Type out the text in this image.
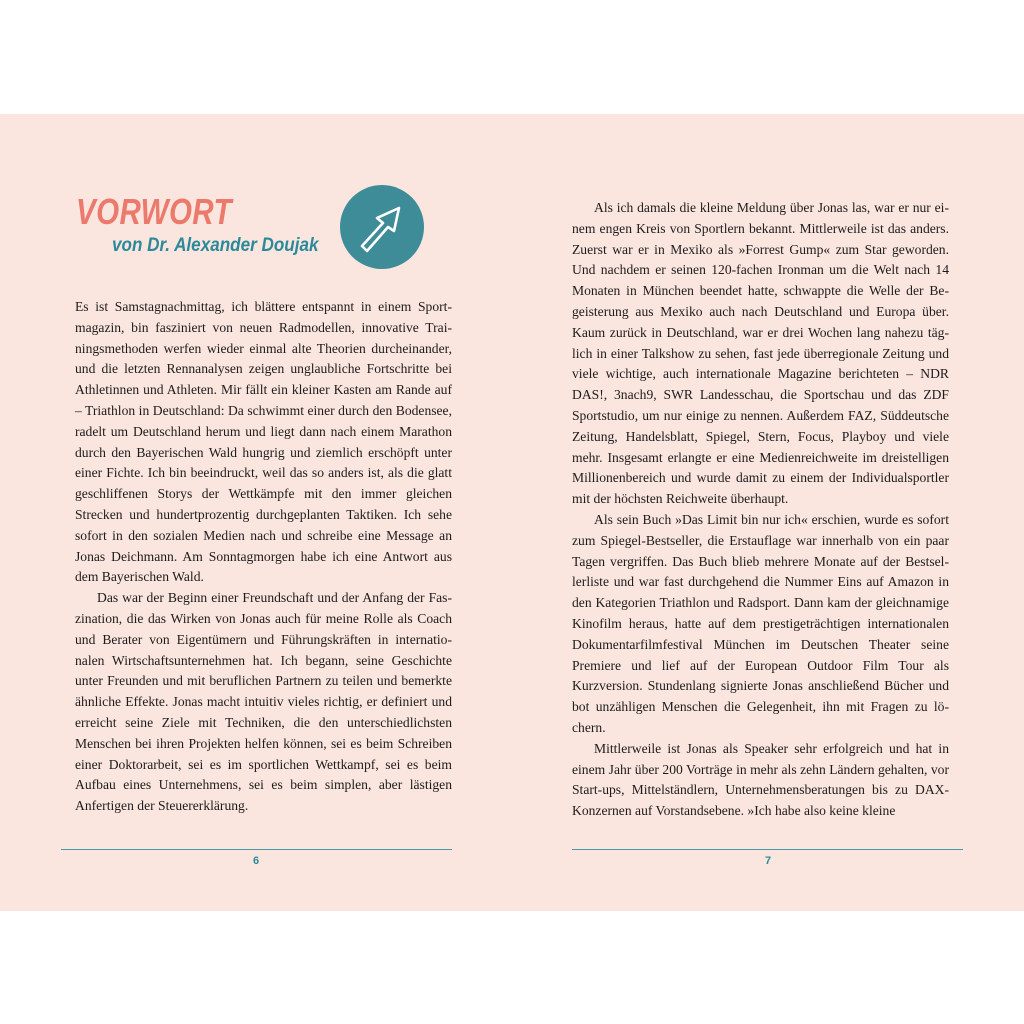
VORWORT
von Dr. Alexander Doujak

Es ist Samstagnachmittag, ich blättere entspannt in einem Sportmagazin, bin fasziniert von neuen Radmodellen, innovative Trainingsmethoden werfen wieder einmal alte Theorien durcheinander, und die letzten Rennanalysen zeigen unglaubliche Fortschritte bei Athletinnen und Athleten. Mir fällt ein kleiner Kasten am Rande auf – Triathlon in Deutschland: Da schwimmt einer durch den Bodensee, radelt um Deutschland herum und liegt dann nach einem Marathon durch den Bayerischen Wald hungrig und ziemlich erschöpft unter einer Fichte. Ich bin beeindruckt, weil das so anders ist, als die glatt geschliffenen Storys der Wettkämpfe mit den immer gleichen Strecken und hundertprozentig durchgeplanten Taktiken. Ich sehe sofort in den sozialen Medien nach und schreibe eine Message an Jonas Deichmann. Am Sonntagmorgen habe ich eine Antwort aus dem Bayerischen Wald.

Das war der Beginn einer Freundschaft und der Anfang der Faszination, die das Wirken von Jonas auch für meine Rolle als Coach und Berater von Eigentümern und Führungskräften in internationalen Wirtschaftsunternehmen hat. Ich begann, seine Geschichte unter Freunden und mit beruflichen Partnern zu teilen und bemerkte ähnliche Effekte. Jonas macht intuitiv vieles richtig, er definiert und erreicht seine Ziele mit Techniken, die den unterschiedlichsten Menschen bei ihren Projekten helfen können, sei es beim Schreiben einer Doktorarbeit, sei es im sportlichen Wettkampf, sei es beim Aufbau eines Unternehmens, sei es beim simplen, aber lästigen Anfertigen der Steuererklärung.

6

Als ich damals die kleine Meldung über Jonas las, war er nur einem engen Kreis von Sportlern bekannt. Mittlerweile ist das anders. Zuerst war er in Mexiko als »Forrest Gump« zum Star geworden. Und nachdem er seinen 120-fachen Ironman um die Welt nach 14 Monaten in München beendet hatte, schwappte die Welle der Begeisterung aus Mexiko auch nach Deutschland und Europa über. Kaum zurück in Deutschland, war er drei Wochen lang nahezu täglich in einer Talkshow zu sehen, fast jede überregionale Zeitung und viele wichtige, auch internationale Magazine berichteten – NDR DAS!, 3nach9, SWR Landesschau, die Sportschau und das ZDF Sportstudio, um nur einige zu nennen. Außerdem FAZ, Süddeutsche Zeitung, Handelsblatt, Spiegel, Stern, Focus, Playboy und viele mehr. Insgesamt erlangte er eine Medienreichweite im dreistelligen Millionenbereich und wurde damit zu einem der Individualsportler mit der höchsten Reichweite überhaupt.

Als sein Buch »Das Limit bin nur ich« erschien, wurde es sofort zum Spiegel-Bestseller, die Erstauflage war innerhalb von ein paar Tagen vergriffen. Das Buch blieb mehrere Monate auf der Bestsellerliste und war fast durchgehend die Nummer Eins auf Amazon in den Kategorien Triathlon und Radsport. Dann kam der gleichnamige Kinofilm heraus, hatte auf dem prestigeträchtigen internationalen Dokumentarfilmfestival München im Deutschen Theater seine Premiere und lief auf der European Outdoor Film Tour als Kurzversion. Stundenlang signierte Jonas anschließend Bücher und bot unzähligen Menschen die Gelegenheit, ihn mit Fragen zu löchern.

Mittlerweile ist Jonas als Speaker sehr erfolgreich und hat in einem Jahr über 200 Vorträge in mehr als zehn Ländern gehalten, vor Start-ups, Mittelständlern, Unternehmensberatungen bis zu DAX-Konzernen auf Vorstandsebene. »Ich habe also keine kleine

7
